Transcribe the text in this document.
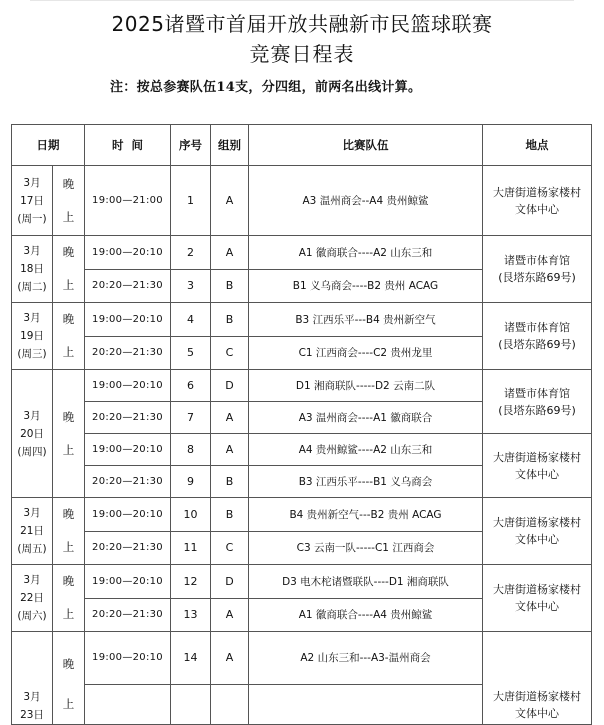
2025诸暨市首届开放共融新市民篮球联赛
竞赛日程表
注：按总参赛队伍14支，分四组，前两名出线计算。
日期		时  间	序号	组别	比赛队伍	地点
3月
17日
(周一)	晚
上	19:00—21:00	1	A	A3 温州商会--A4 贵州鲸鲨	大唐街道杨家楼村
文体中心
3月
18日
(周二)	晚
上	19:00—20:10	2	A	A1 徽商联合----A2 山东三和	诸暨市体育馆
(艮塔东路69号)
		20:20—21:30	3	B	B1 义乌商会----B2 贵州 ACAG	
3月
19日
(周三)	晚
上	19:00—20:10	4	B	B3 江西乐平---B4 贵州新空气	诸暨市体育馆
(艮塔东路69号)
		20:20—21:30	5	C	C1 江西商会----C2 贵州龙里	
3月
20日
(周四)	晚
上	19:00—20:10	6	D	D1 湘商联队-----D2 云南二队	诸暨市体育馆
(艮塔东路69号)
		20:20—21:30	7	A	A3 温州商会----A1 徽商联合	
		19:00—20:10	8	A	A4 贵州鲸鲨----A2 山东三和	大唐街道杨家楼村
文体中心
		20:20—21:30	9	B	B3 江西乐平----B1 义乌商会	
3月
21日
(周五)	晚
上	19:00—20:10	10	B	B4 贵州新空气---B2 贵州 ACAG	大唐街道杨家楼村
文体中心
		20:20—21:30	11	C	C3 云南一队-----C1 江西商会	
3月
22日
(周六)	晚
上	19:00—20:10	12	D	D3 电木柁诸暨联队----D1 湘商联队	大唐街道杨家楼村
文体中心
		20:20—21:30	13	A	A1 徽商联合----A4 贵州鲸鲨	
3月
23日	晚
上	19:00—20:10	14	A	A2 山东三和---A3-温州商会	大唐街道杨家楼村
文体中心
